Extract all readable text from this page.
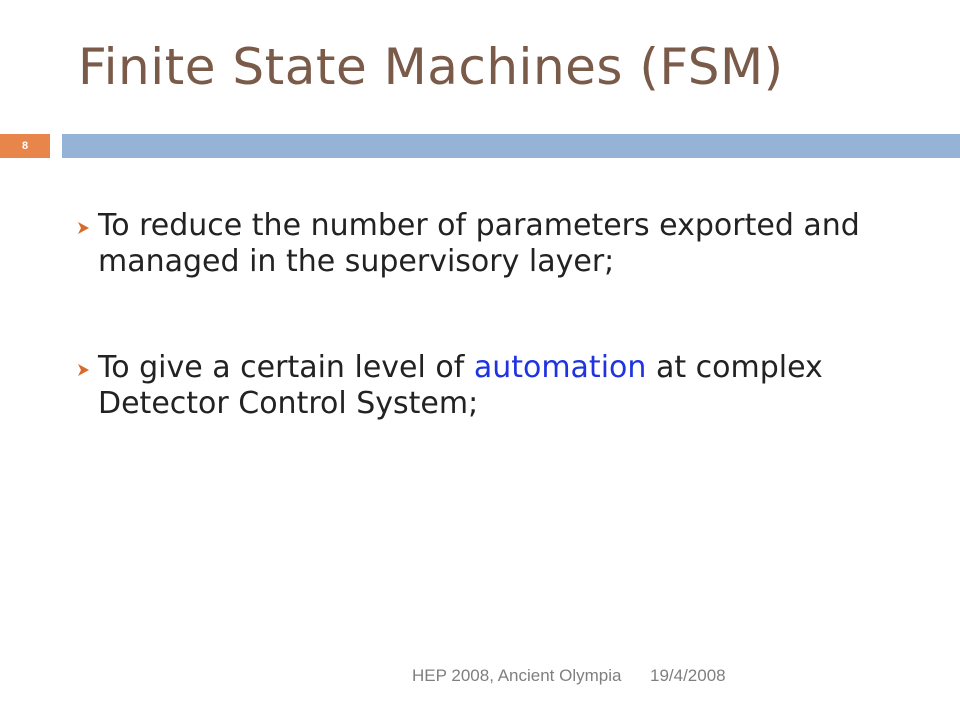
Finite State Machines (FSM)
8
To reduce the number of parameters exported and managed in the supervisory layer;
To give a certain level of automation at complex Detector Control System;
HEP 2008, Ancient Olympia 19/4/2008
